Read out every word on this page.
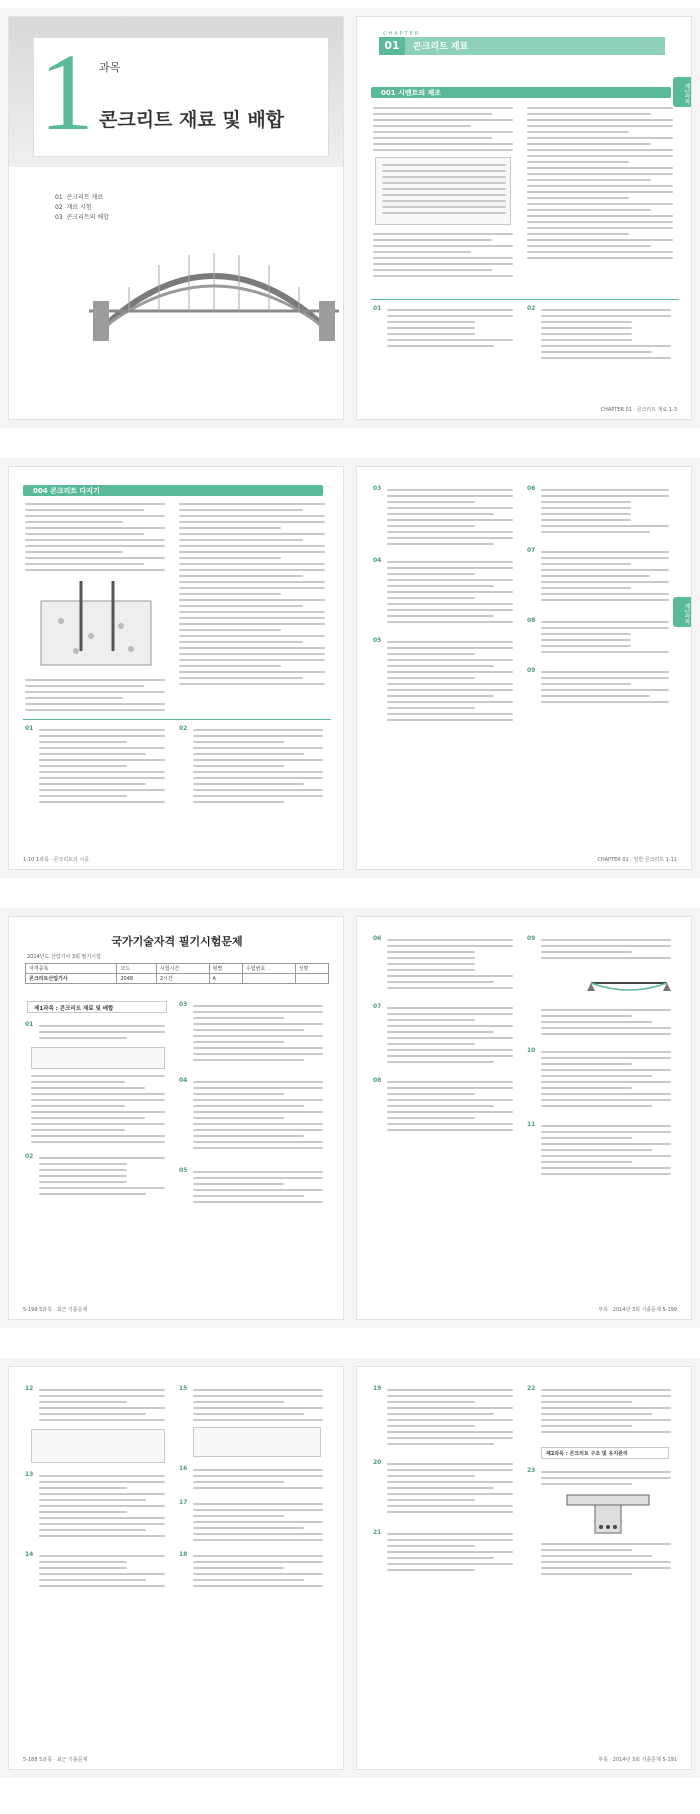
1 과목
콘크리트 재료 및 배합
01 콘크리트 재료
02 재료 시험
03 콘크리트의 배합
CHAPTER
01	콘크리트 재료
제1과목
001 시멘트의 제조
01	02
CHAPTER 01 · 콘크리트 재료 1-3
004 콘크리트 다지기
01	02
1-10 1과목 · 콘크리트의 시공
제1과목
03
04
05
06
07
08
09
CHAPTER 01 · 일반 콘크리트 1-11
국가기술자격 필기시험문제
2014년도 산업기사 3회 필기시험
자격종목	코드	시험시간	형별	수험번호	성명
콘크리트산업기사	2048	2시간	A		
제1과목 : 콘크리트 재료 및 배합
01
02
03
04
05
5-199 5과목 · 최근 기출문제
06
07
08
09
10
11
부록 · 2014년 3회 기출문제 5-199
12
13
14
15
16
17
18
5-188 5과목 · 최근 기출문제
19
20
21
22
제2과목 : 콘크리트 구조 및 유지관리
23
부록 · 2014년 3회 기출문제 5-191
